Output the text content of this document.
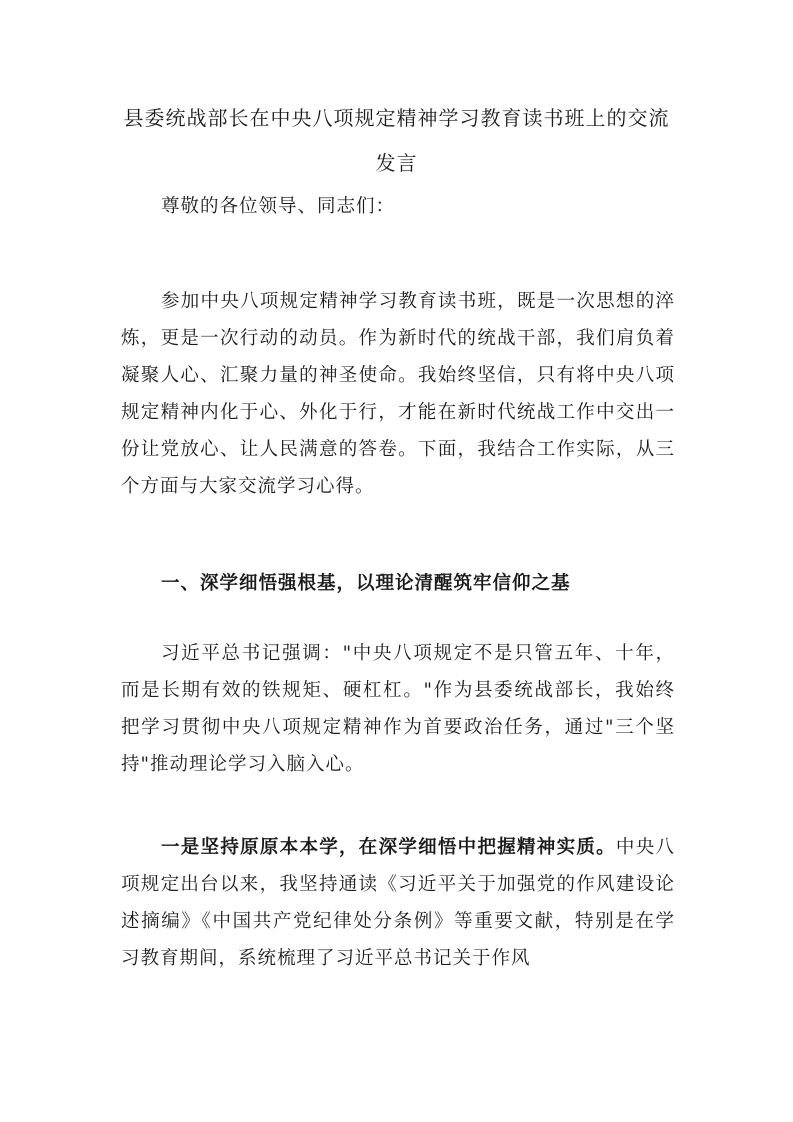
县委统战部长在中央八项规定精神学习教育读书班上的交流发言

尊敬的各位领导、同志们：

参加中央八项规定精神学习教育读书班，既是一次思想的淬炼，更是一次行动的动员。作为新时代的统战干部，我们肩负着凝聚人心、汇聚力量的神圣使命。我始终坚信，只有将中央八项规定精神内化于心、外化于行，才能在新时代统战工作中交出一份让党放心、让人民满意的答卷。下面，我结合工作实际，从三个方面与大家交流学习心得。

一、深学细悟强根基，以理论清醒筑牢信仰之基

习近平总书记强调："中央八项规定不是只管五年、十年，而是长期有效的铁规矩、硬杠杠。"作为县委统战部长，我始终把学习贯彻中央八项规定精神作为首要政治任务，通过"三个坚持"推动理论学习入脑入心。

一是坚持原原本本学，在深学细悟中把握精神实质。中央八项规定出台以来，我坚持通读《习近平关于加强党的作风建设论述摘编》《中国共产党纪律处分条例》等重要文献，特别是在学习教育期间，系统梳理了习近平总书记关于作风
